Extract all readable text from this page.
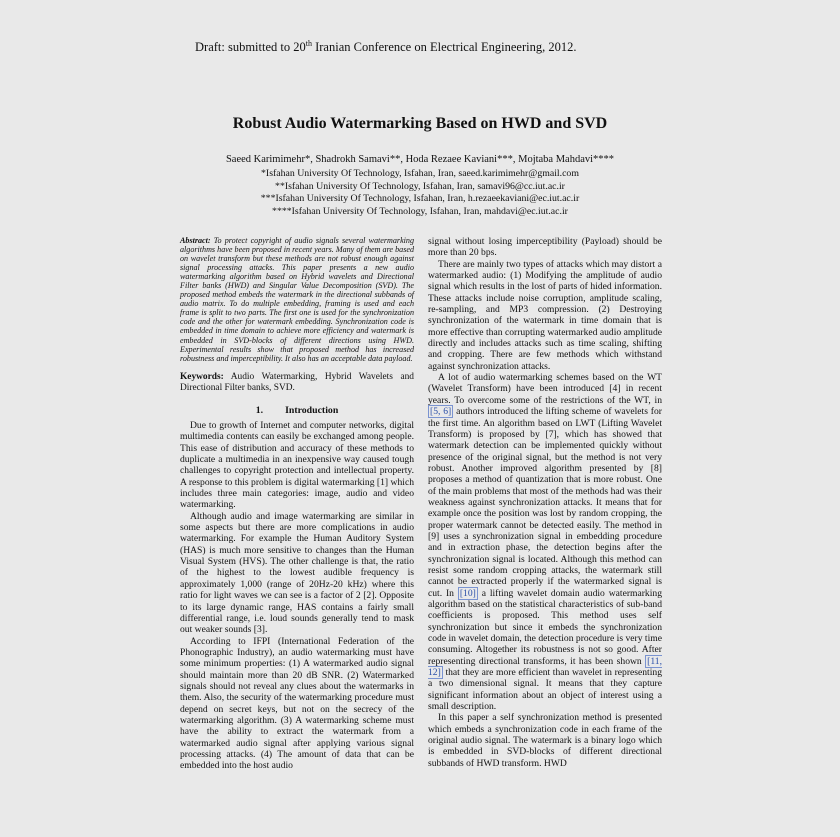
Draft: submitted to 20th Iranian Conference on Electrical Engineering, 2012.
Robust Audio Watermarking Based on HWD and SVD
Saeed Karimimehr*, Shadrokh Samavi**, Hoda Rezaee Kaviani***, Mojtaba Mahdavi****
*Isfahan University Of Technology, Isfahan, Iran, saeed.karimimehr@gmail.com
**Isfahan University Of Technology, Isfahan, Iran, samavi96@cc.iut.ac.ir
***Isfahan University Of Technology, Isfahan, Iran, h.rezaeekaviani@ec.iut.ac.ir
****Isfahan University Of Technology, Isfahan, Iran, mahdavi@ec.iut.ac.ir
Abstract: To protect copyright of audio signals several watermarking algorithms have been proposed in recent years. Many of them are based on wavelet transform but these methods are not robust enough against signal processing attacks. This paper presents a new audio watermarking algorithm based on Hybrid wavelets and Directional Filter banks (HWD) and Singular Value Decomposition (SVD). The proposed method embeds the watermark in the directional subbands of audio matrix. To do multiple embedding, framing is used and each frame is split to two parts. The first one is used for the synchronization code and the other for watermark embedding. Synchronization code is embedded in time domain to achieve more efficiency and watermark is embedded in SVD-blocks of different directions using HWD. Experimental results show that proposed method has increased robustness and imperceptibility. It also has an acceptable data payload.
Keywords: Audio Watermarking, Hybrid Wavelets and Directional Filter banks, SVD.
1. Introduction

Due to growth of Internet and computer networks, digital multimedia contents can easily be exchanged among people. This ease of distribution and accuracy of these methods to duplicate a multimedia in an inexpensive way caused tough challenges to copyright protection and intellectual property. A response to this problem is digital watermarking [1] which includes three main categories: image, audio and video watermarking.

Although audio and image watermarking are similar in some aspects but there are more complications in audio watermarking. For example the Human Auditory System (HAS) is much more sensitive to changes than the Human Visual System (HVS). The other challenge is that, the ratio of the highest to the lowest audible frequency is approximately 1,000 (range of 20Hz-20 kHz) where this ratio for light waves we can see is a factor of 2 [2]. Opposite to its large dynamic range, HAS contains a fairly small differential range, i.e. loud sounds generally tend to mask out weaker sounds [3].

According to IFPI (International Federation of the Phonographic Industry), an audio watermarking must have some minimum properties: (1) A watermarked audio signal should maintain more than 20 dB SNR. (2) Watermarked signals should not reveal any clues about the watermarks in them. Also, the security of the watermarking procedure must depend on secret keys, but not on the secrecy of the watermarking algorithm. (3) A watermarking scheme must have the ability to extract the watermark from a watermarked audio signal after applying various signal processing attacks. (4) The amount of data that can be embedded into the host audio

signal without losing imperceptibility (Payload) should be more than 20 bps.

There are mainly two types of attacks which may distort a watermarked audio: (1) Modifying the amplitude of audio signal which results in the lost of parts of hided information. These attacks include noise corruption, amplitude scaling, re-sampling, and MP3 compression. (2) Destroying synchronization of the watermark in time domain that is more effective than corrupting watermarked audio amplitude directly and includes attacks such as time scaling, shifting and cropping. There are few methods which withstand against synchronization attacks.

A lot of audio watermarking schemes based on the WT (Wavelet Transform) have been introduced [4] in recent years. To overcome some of the restrictions of the WT, in [5, 6] authors introduced the lifting scheme of wavelets for the first time. An algorithm based on LWT (Lifting Wavelet Transform) is proposed by [7], which has showed that watermark detection can be implemented quickly without presence of the original signal, but the method is not very robust. Another improved algorithm presented by [8] proposes a method of quantization that is more robust. One of the main problems that most of the methods had was their weakness against synchronization attacks. It means that for example once the position was lost by random cropping, the proper watermark cannot be detected easily. The method in [9] uses a synchronization signal in embedding procedure and in extraction phase, the detection begins after the synchronization signal is located. Although this method can resist some random cropping attacks, the watermark still cannot be extracted properly if the watermarked signal is cut. In [10] a lifting wavelet domain audio watermarking algorithm based on the statistical characteristics of sub-band coefficients is proposed. This method uses self synchronization but since it embeds the synchronization code in wavelet domain, the detection procedure is very time consuming. Altogether its robustness is not so good. After representing directional transforms, it has been shown [11, 12] that they are more efficient than wavelet in representing a two dimensional signal. It means that they capture significant information about an object of interest using a small description.

In this paper a self synchronization method is presented which embeds a synchronization code in each frame of the original audio signal. The watermark is a binary logo which is embedded in SVD-blocks of different directional subbands of HWD transform. HWD
